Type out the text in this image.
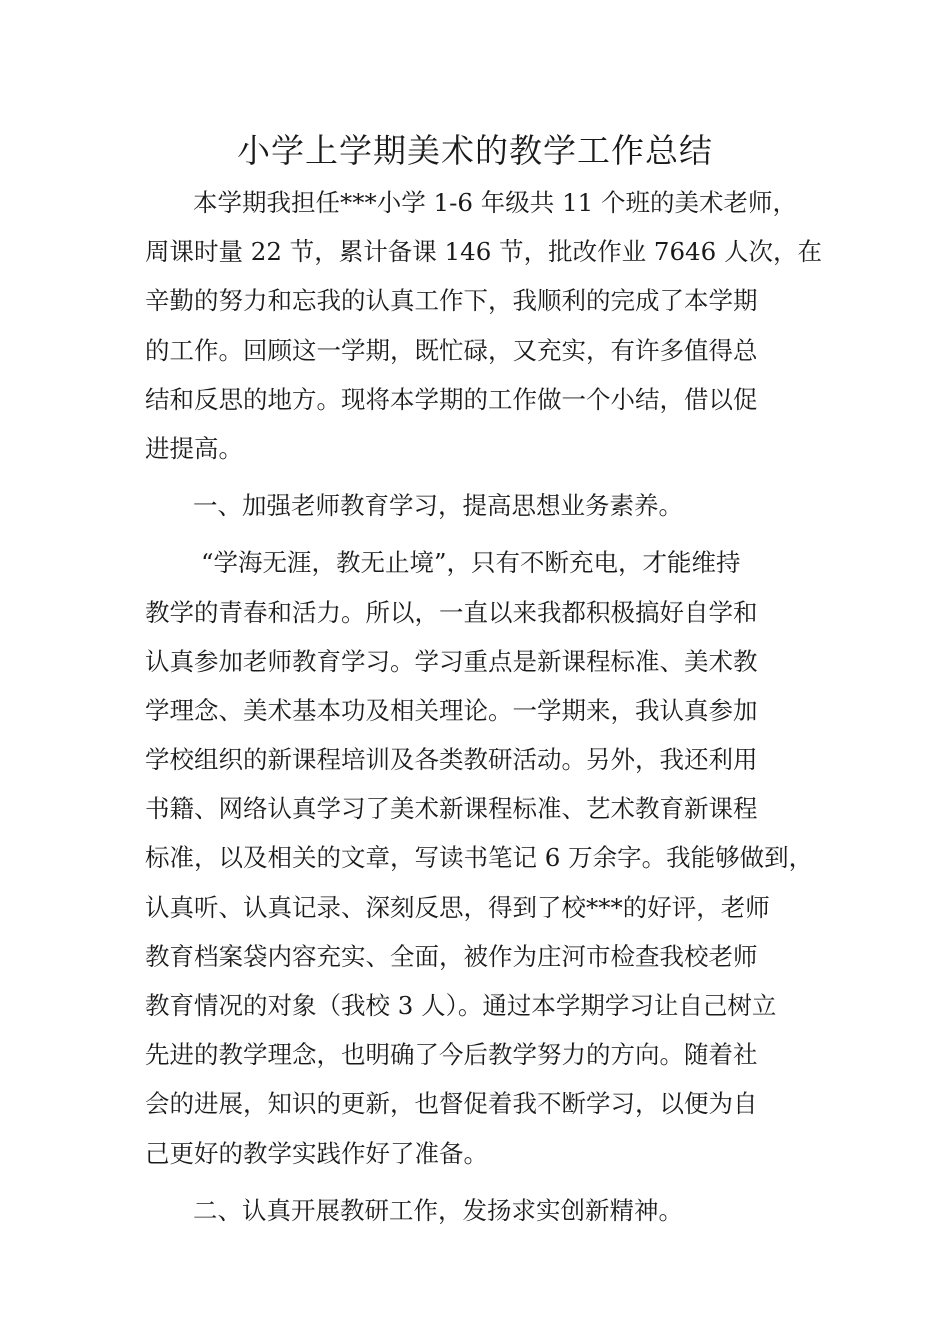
小学上学期美术的教学工作总结
本学期我担任***小学 1-6 年级共 11 个班的美术老师，
周课时量 22 节，累计备课 146 节，批改作业 7646 人次，在
辛勤的努力和忘我的认真工作下，我顺利的完成了本学期
的工作。回顾这一学期，既忙碌，又充实，有许多值得总
结和反思的地方。现将本学期的工作做一个小结，借以促
进提高。
一、加强老师教育学习，提高思想业务素养。
“学海无涯，教无止境”，只有不断充电，才能维持
教学的青春和活力。所以，一直以来我都积极搞好自学和
认真参加老师教育学习。学习重点是新课程标准、美术教
学理念、美术基本功及相关理论。一学期来，我认真参加
学校组织的新课程培训及各类教研活动。另外，我还利用
书籍、网络认真学习了美术新课程标准、艺术教育新课程
标准，以及相关的文章，写读书笔记 6 万余字。我能够做到，
认真听、认真记录、深刻反思，得到了校***的好评，老师
教育档案袋内容充实、全面，被作为庄河市检查我校老师
教育情况的对象（我校 3 人）。通过本学期学习让自己树立
先进的教学理念，也明确了今后教学努力的方向。随着社
会的进展，知识的更新，也督促着我不断学习，以便为自
己更好的教学实践作好了准备。
二、认真开展教研工作，发扬求实创新精神。
